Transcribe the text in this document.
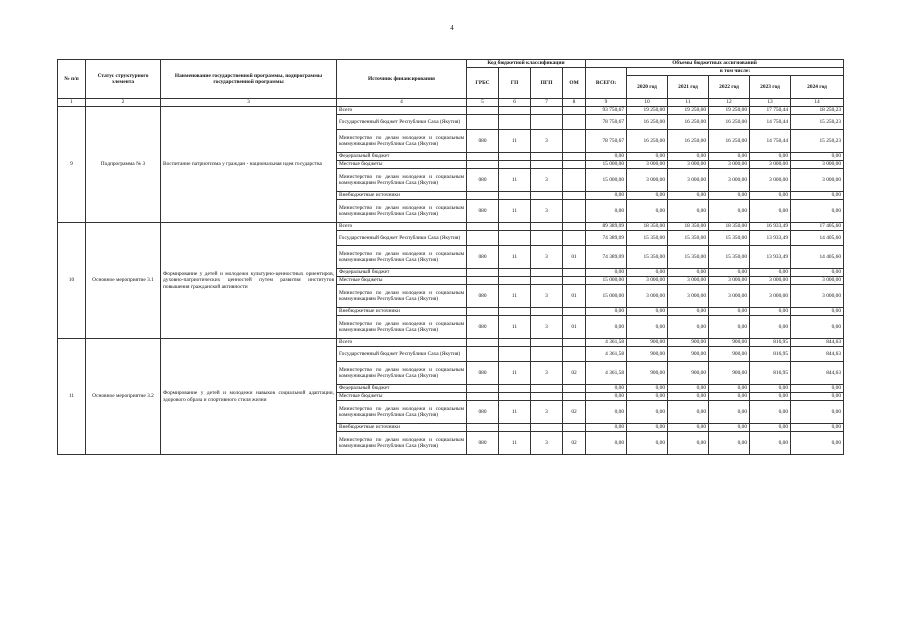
4
№ п/п	Статус структурного элемента	Наименование государственной программы, подпрограммы государственной программы	Источник финансирования	Код бюджетной классификации				Объемы бюджетных ассигнований					
				ГРБС	ГП	ПГП	ОМ	ВСЕГО:	в том числе:				
									2020 год	2021 год	2022 год	2023 год	2024 год
1	2	3	4	5	6	7	8	9	10	11	12	13	14
9	Подпрограмма № 3	Воспитание патриотизма у граждан - национальная идея государства	Всего					93 750,67	19 250,00	19 250,00	19 250,00	17 750,44	18 250,23
			Государственный бюджет Республики Саха (Якутия)					78 750,67	16 250,00	16 250,00	16 250,00	14 750,44	15 250,23
			Министерство по делам молодежи и социальным коммуникациям Республики Саха (Якутия)	080	11	3		78 750,67	16 250,00	16 250,00	16 250,00	14 750,44	15 250,23
			Федеральный бюджет					0,00	0,00	0,00	0,00	0,00	0,00
			Местные бюджеты					15 000,00	3 000,00	3 000,00	3 000,00	3 000,00	3 000,00
			Министерство по делам молодежи и социальным коммуникациям Республики Саха (Якутия)	080	11	3		15 000,00	3 000,00	3 000,00	3 000,00	3 000,00	3 000,00
			Внебюджетные источники					0,00	0,00	0,00	0,00	0,00	0,00
			Министерство по делам молодежи и социальным коммуникациям Республики Саха (Якутия)	080	11	3		0,00	0,00	0,00	0,00	0,00	0,00
10	Основное мероприятие 3.1	Формирование у детей и молодежи культурно-ценностных ориентиров, духовно-патриотических ценностей путем развития институтов повышения гражданской активности	Всего					89 389,09	18 350,00	18 350,00	18 350,00	16 933,49	17 405,60
			Государственный бюджет Республики Саха (Якутия)					74 389,09	15 350,00	15 350,00	15 350,00	13 933,49	14 405,60
			Министерство по делам молодежи и социальным коммуникациям Республики Саха (Якутия)	080	11	3	01	74 389,09	15 350,00	15 350,00	15 350,00	13 933,49	14 405,60
			Федеральный бюджет					0,00	0,00	0,00	0,00	0,00	0,00
			Местные бюджеты					15 000,00	3 000,00	3 000,00	3 000,00	3 000,00	3 000,00
			Министерство по делам молодежи и социальным коммуникациям Республики Саха (Якутия)	080	11	3	01	15 000,00	3 000,00	3 000,00	3 000,00	3 000,00	3 000,00
			Внебюджетные источники					0,00	0,00	0,00	0,00	0,00	0,00
			Министерство по делам молодежи и социальным коммуникациям Республики Саха (Якутия)	080	11	3	01	0,00	0,00	0,00	0,00	0,00	0,00
11	Основное мероприятие 3.2	Формирование у детей и молодежи навыков социальной адаптации, здорового образа и спортивного стиля жизни	Всего					4 361,58	900,00	900,00	900,00	816,95	844,63
			Государственный бюджет Республики Саха (Якутия)					4 361,58	900,00	900,00	900,00	816,95	844,63
			Министерство по делам молодежи и социальным коммуникациям Республики Саха (Якутия)	080	11	3	02	4 361,58	900,00	900,00	900,00	816,95	844,63
			Федеральный бюджет					0,00	0,00	0,00	0,00	0,00	0,00
			Местные бюджеты					0,00	0,00	0,00	0,00	0,00	0,00
			Министерство по делам молодежи и социальным коммуникациям Республики Саха (Якутия)	080	11	3	02	0,00	0,00	0,00	0,00	0,00	0,00
			Внебюджетные источники					0,00	0,00	0,00	0,00	0,00	0,00
			Министерство по делам молодежи и социальным коммуникациям Республики Саха (Якутия)	080	11	3	02	0,00	0,00	0,00	0,00	0,00	0,00
